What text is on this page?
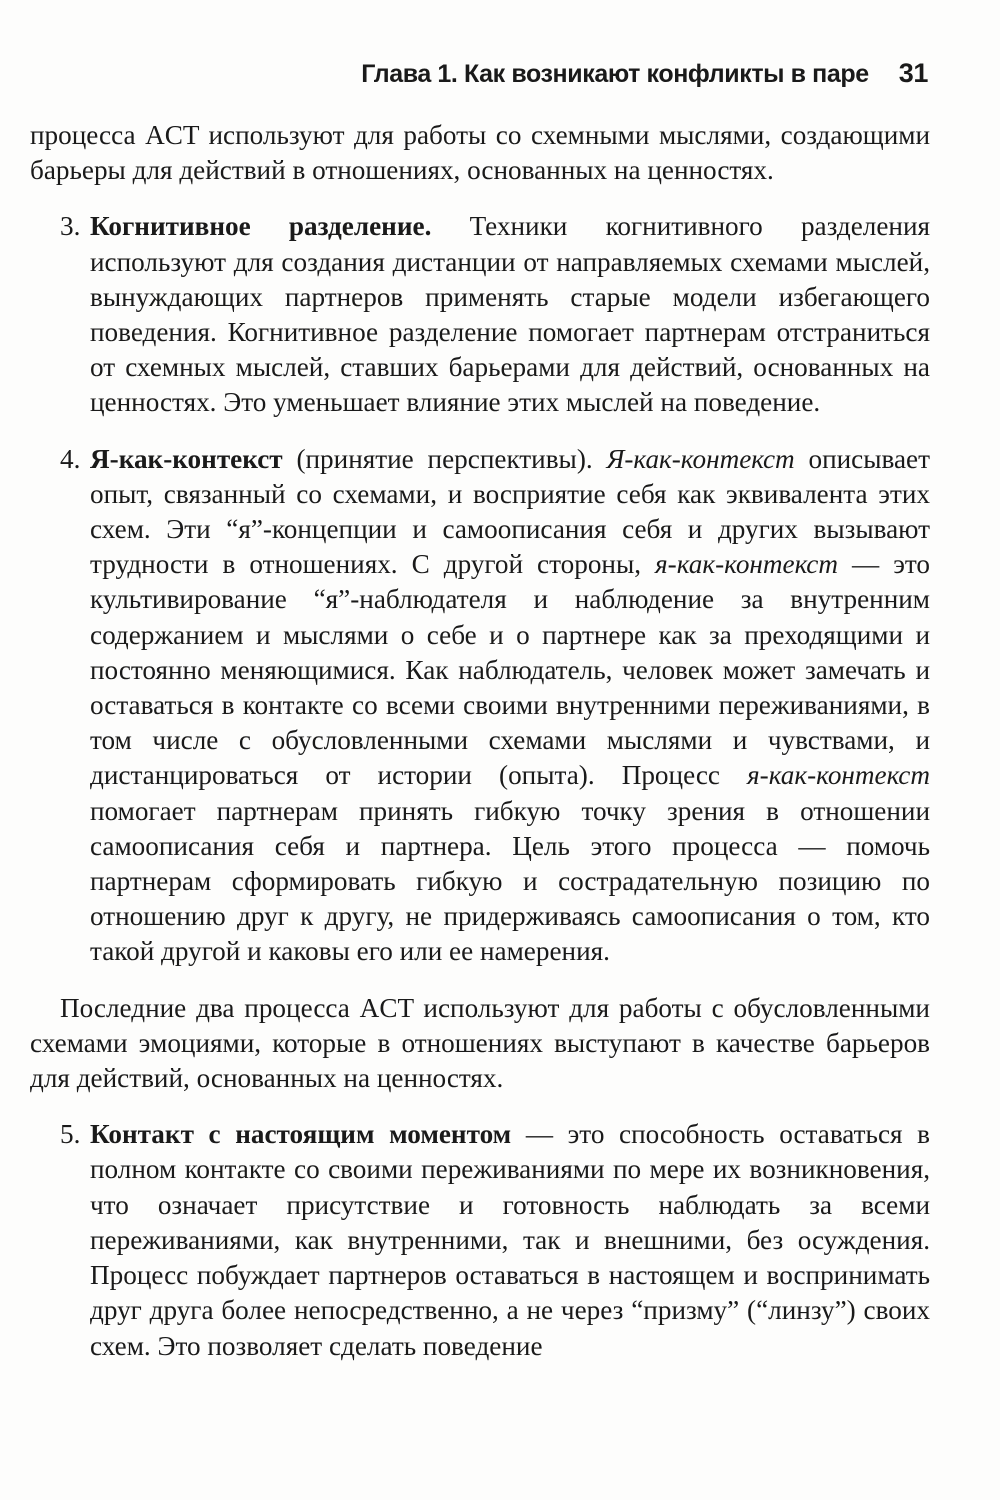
Глава 1. Как возникают конфликты в паре 31

процесса ACT используют для работы со схемными мыслями, создающими барьеры для действий в отношениях, основанных на ценностях.

3. Когнитивное разделение. Техники когнитивного разделения используют для создания дистанции от направляемых схемами мыслей, вынуждающих партнеров применять старые модели избегающего поведения. Когнитивное разделение помогает партнерам отстраниться от схемных мыслей, ставших барьерами для действий, основанных на ценностях. Это уменьшает влияние этих мыслей на поведение.
4. Я-как-контекст (принятие перспективы). Я-как-контекст описывает опыт, связанный со схемами, и восприятие себя как эквивалента этих схем. Эти “я”-концепции и самоописания себя и других вызывают трудности в отношениях. С другой стороны, я-как-контекст — это культивирование “я”-наблюдателя и наблюдение за внутренним содержанием и мыслями о себе и о партнере как за преходящими и постоянно меняющимися. Как наблюдатель, человек может замечать и оставаться в контакте со всеми своими внутренними переживаниями, в том числе с обусловленными схемами мыслями и чувствами, и дистанцироваться от истории (опыта). Процесс я-как-контекст помогает партнерам принять гибкую точку зрения в отношении самоописания себя и партнера. Цель этого процесса — помочь партнерам сформировать гибкую и сострадательную позицию по отношению друг к другу, не придерживаясь самоописания о том, кто такой другой и каковы его или ее намерения.

Последние два процесса ACT используют для работы с обусловленными схемами эмоциями, которые в отношениях выступают в качестве барьеров для действий, основанных на ценностях.

5. Контакт с настоящим моментом — это способность оставаться в полном контакте со своими переживаниями по мере их возникновения, что означает присутствие и готовность наблюдать за всеми переживаниями, как внутренними, так и внешними, без осуждения. Процесс побуждает партнеров оставаться в настоящем и воспринимать друг друга более непосредственно, а не через “призму” (“линзу”) своих схем. Это позволяет сделать поведение
